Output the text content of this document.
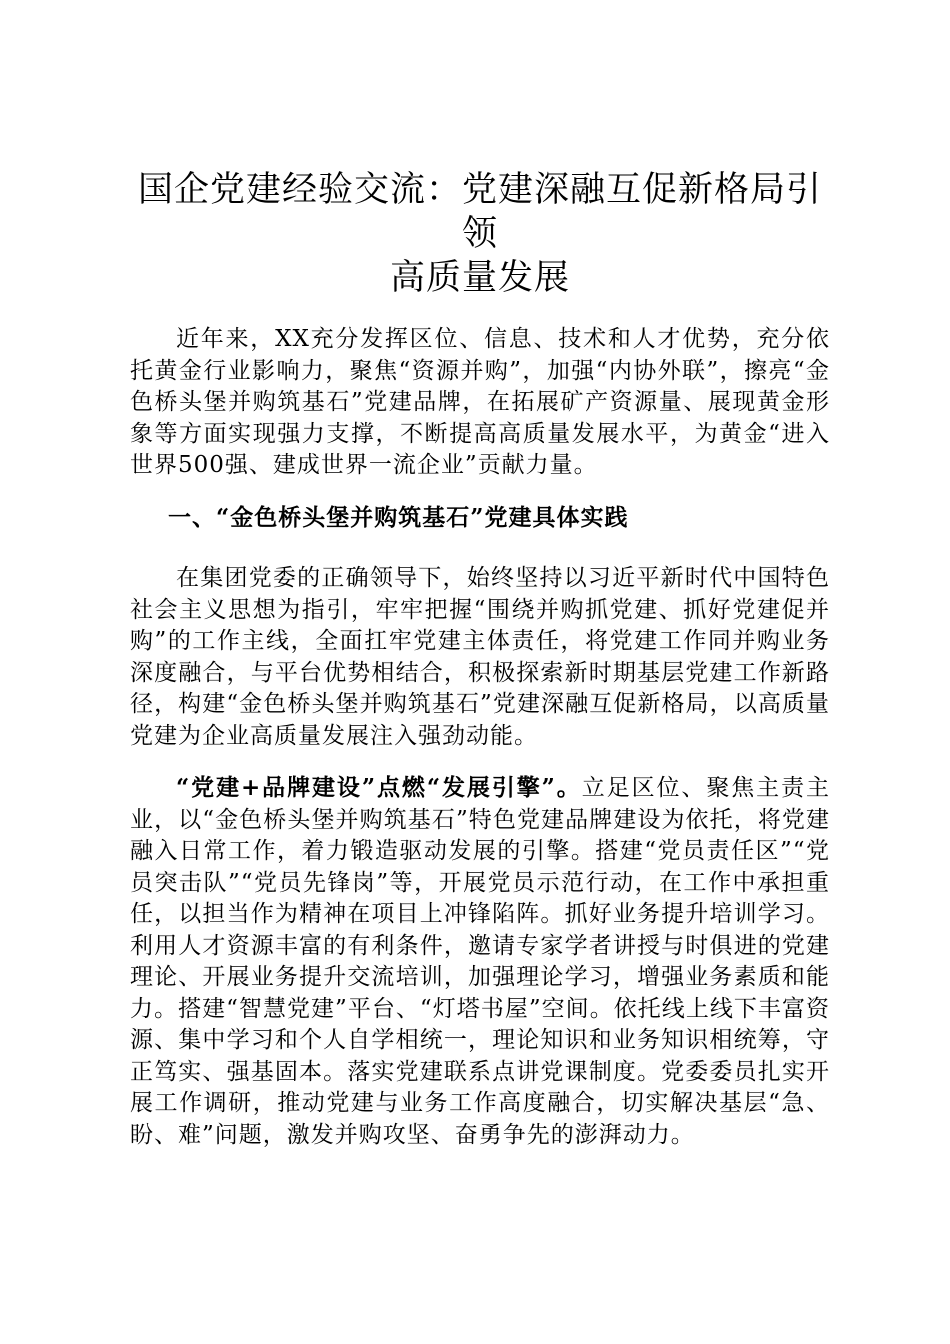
国企党建经验交流：党建深融互促新格局引领
高质量发展

近年来，XX充分发挥区位、信息、技术和人才优势，充分依托黄金行业影响力，聚焦“资源并购”，加强“内协外联”，擦亮“金色桥头堡并购筑基石”党建品牌，在拓展矿产资源量、展现黄金形象等方面实现强力支撑，不断提高高质量发展水平，为黄金“进入世界500强、建成世界一流企业”贡献力量。

一、“金色桥头堡并购筑基石”党建具体实践

在集团党委的正确领导下，始终坚持以习近平新时代中国特色社会主义思想为指引，牢牢把握“围绕并购抓党建、抓好党建促并购”的工作主线，全面扛牢党建主体责任，将党建工作同并购业务深度融合，与平台优势相结合，积极探索新时期基层党建工作新路径，构建“金色桥头堡并购筑基石”党建深融互促新格局，以高质量党建为企业高质量发展注入强劲动能。

“党建+品牌建设”点燃“发展引擎”。立足区位、聚焦主责主业，以“金色桥头堡并购筑基石”特色党建品牌建设为依托，将党建融入日常工作，着力锻造驱动发展的引擎。搭建“党员责任区”“党员突击队”“党员先锋岗”等，开展党员示范行动，在工作中承担重任，以担当作为精神在项目上冲锋陷阵。抓好业务提升培训学习。利用人才资源丰富的有利条件，邀请专家学者讲授与时俱进的党建理论、开展业务提升交流培训，加强理论学习，增强业务素质和能力。搭建“智慧党建”平台、“灯塔书屋”空间。依托线上线下丰富资源、集中学习和个人自学相统一，理论知识和业务知识相统筹，守正笃实、强基固本。落实党建联系点讲党课制度。党委委员扎实开展工作调研，推动党建与业务工作高度融合，切实解决基层“急、盼、难”问题，激发并购攻坚、奋勇争先的澎湃动力。
